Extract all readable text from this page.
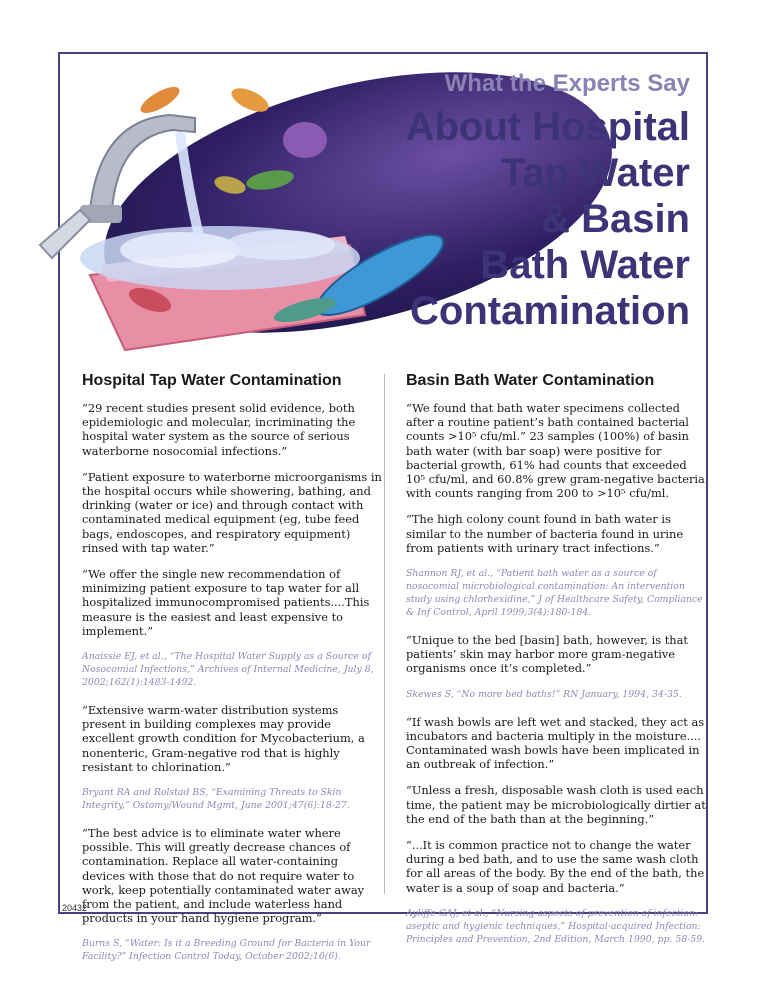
What the Experts Say
About Hospital
Tap Water
& Basin
Bath Water
Contamination
Hospital Tap Water Contamination
“29 recent studies present solid evidence, both epidemiologic and molecular, incriminating the hospital water system as the source of serious waterborne nosocomial infections.”
“Patient exposure to waterborne microorganisms in the hospital occurs while showering, bathing, and drinking (water or ice) and through contact with contaminated medical equipment (eg, tube feed bags, endoscopes, and respiratory equipment) rinsed with tap water.”
“We offer the single new recommendation of minimizing patient exposure to tap water for all hospitalized immunocompromised patients....This measure is the easiest and least expensive to implement.”
Anaissie EJ, et al., “The Hospital Water Supply as a Source of Nosocomial Infections,” Archives of Internal Medicine, July 8, 2002;162(1):1483-1492.
“Extensive warm-water distribution systems present in building complexes may provide excellent growth condition for Mycobacterium, a nonenteric, Gram-negative rod that is highly resistant to chlorination.”
Bryant RA and Rolstad BS, “Examining Threats to Skin Integrity,” Ostomy/Wound Mgmt, June 2001;47(6):18-27.
“The best advice is to eliminate water where possible. This will greatly decrease chances of contamination. Replace all water-containing devices with those that do not require water to work, keep potentially contaminated water away from the patient, and include waterless hand products in your hand hygiene program.”
Burns S, “Water: Is it a Breeding Ground for Bacteria in Your Facility?” Infection Control Today, October 2002;10(6).
Basin Bath Water Contamination
“We found that bath water specimens collected after a routine patient’s bath contained bacterial counts >10⁵ cfu/ml.” 23 samples (100%) of basin bath water (with bar soap) were positive for bacterial growth, 61% had counts that exceeded 10⁵ cfu/ml, and 60.8% grew gram-negative bacteria with counts ranging from 200 to >10⁵ cfu/ml.
“The high colony count found in bath water is similar to the number of bacteria found in urine from patients with urinary tract infections.”
Shannon RJ, et al., “Patient bath water as a source of nosocomial microbiological contamination: An intervention study using chlorhexidine,” J of Healthcare Safety, Compliance & Inf Control, April 1999;3(4):180-184.
“Unique to the bed [basin] bath, however, is that patients’ skin may harbor more gram-negative organisms once it’s completed.”
Skewes S, “No more bed baths!” RN January, 1994, 34-35.
“If wash bowls are left wet and stacked, they act as incubators and bacteria multiply in the moisture.... Contaminated wash bowls have been implicated in an outbreak of infection.”
“Unless a fresh, disposable wash cloth is used each time, the patient may be microbiologically dirtier at the end of the bath than at the beginning.”
“...It is common practice not to change the water during a bed bath, and to use the same wash cloth for all areas of the body. By the end of the bath, the water is a soup of soap and bacteria.”
Ayliffe GAJ, et al., “Nursing aspects of prevention of infection: aseptic and hygienic techniques,” Hospital-acquired Infection: Principles and Prevention, 2nd Edition, March 1990, pp. 58-59.
20432
